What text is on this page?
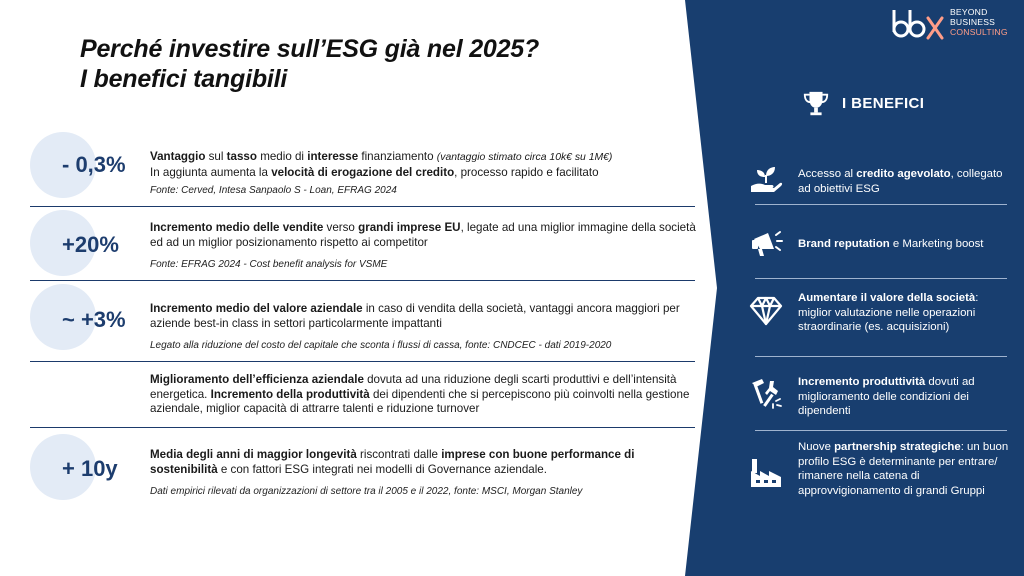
Perché investire sull’ESG già nel 2025?
I benefici tangibili
- 0,3% Vantaggio sul tasso medio di interesse finanziamento (vantaggio stimato circa 10k€ su 1M€)
In aggiunta aumenta la velocità di erogazione del credito, processo rapido e facilitato
Fonte: Cerved, Intesa Sanpaolo S - Loan, EFRAG 2024
+20%
Incremento medio delle vendite verso grandi imprese EU, legate ad una miglior immagine della società ed ad un miglior posizionamento rispetto ai competitor
Fonte: EFRAG 2024 - Cost benefit analysis for VSME
~ +3% Incremento medio del valore aziendale in caso di vendita della società, vantaggi ancora maggiori per aziende best-in class in settori particolarmente impattanti
Legato alla riduzione del costo del capitale che sconta i flussi di cassa, fonte: CNDCEC - dati 2019-2020
Miglioramento dell’efficienza aziendale dovuta ad una riduzione degli scarti produttivi e dell’intensità energetica. Incremento della produttività dei dipendenti che si percepiscono più coinvolti nella gestione aziendale, miglior capacità di attrarre talenti e riduzione turnover
+ 10y
Media degli anni di maggior longevità riscontrati dalle imprese con buone performance di sostenibilità e con fattori ESG integrati nei modelli di Governance aziendale.
Dati empirici rilevati da organizzazioni di settore tra il 2005 e il 2022, fonte: MSCI, Morgan Stanley
BEYOND
BUSINESS
CONSULTING
I BENEFICI
Accesso al credito agevolato, collegato ad obiettivi ESG
Brand reputation e Marketing boost
Aumentare il valore della società: miglior valutazione nelle operazioni straordinarie (es. acquisizioni)
Incremento produttività dovuti ad miglioramento delle condizioni dei dipendenti
Nuove partnership strategiche: un buon profilo ESG è determinante per entrare/ rimanere nella catena di approvvigionamento di grandi Gruppi
